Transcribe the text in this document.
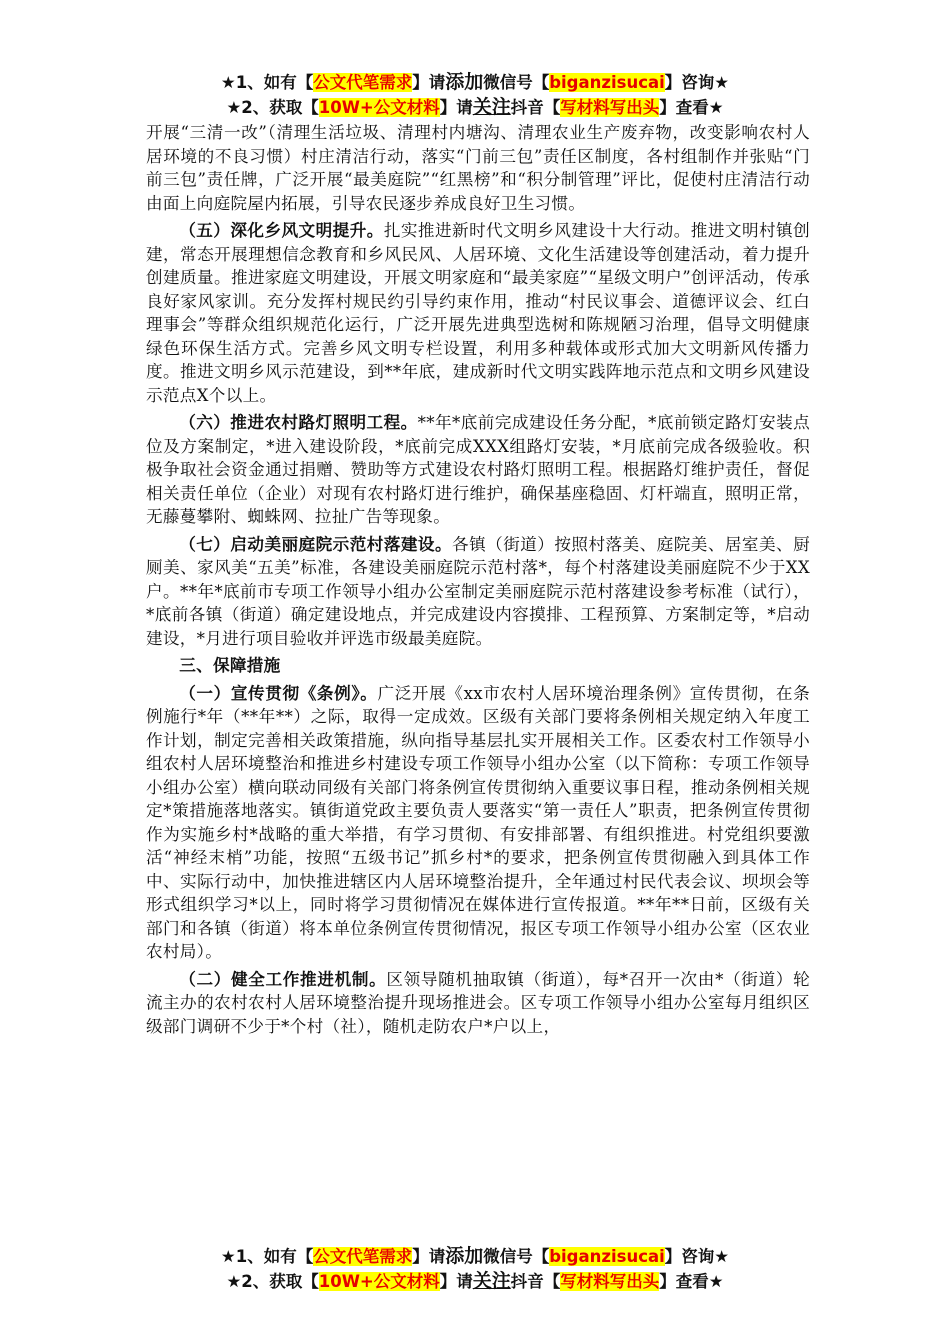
★1、如有【公文代笔需求】请添加微信号【biganzisucai】咨询★
★2、获取【10W+公文材料】请关注抖音【写材料写出头】查看★

开展“三清一改”（清理生活垃圾、清理村内塘沟、清理农业生产废弃物，改变影响农村人居环境的不良习惯）村庄清洁行动，落实“门前三包”责任区制度，各村组制作并张贴“门前三包”责任牌，广泛开展“最美庭院”“红黑榜”和“积分制管理”评比，促使村庄清洁行动由面上向庭院屋内拓展，引导农民逐步养成良好卫生习惯。

（五）深化乡风文明提升。扎实推进新时代文明乡风建设十大行动。推进文明村镇创建，常态开展理想信念教育和乡风民风、人居环境、文化生活建设等创建活动，着力提升创建质量。推进家庭文明建设，开展文明家庭和“最美家庭”“星级文明户”创评活动，传承良好家风家训。充分发挥村规民约引导约束作用，推动“村民议事会、道德评议会、红白理事会”等群众组织规范化运行，广泛开展先进典型选树和陈规陋习治理，倡导文明健康绿色环保生活方式。完善乡风文明专栏设置，利用多种载体或形式加大文明新风传播力度。推进文明乡风示范建设，到**年底，建成新时代文明实践阵地示范点和文明乡风建设示范点X个以上。

（六）推进农村路灯照明工程。**年*底前完成建设任务分配，*底前锁定路灯安装点位及方案制定，*进入建设阶段，*底前完成XXX组路灯安装，*月底前完成各级验收。积极争取社会资金通过捐赠、赞助等方式建设农村路灯照明工程。根据路灯维护责任，督促相关责任单位（企业）对现有农村路灯进行维护，确保基座稳固、灯杆端直，照明正常，无藤蔓攀附、蜘蛛网、拉扯广告等现象。

（七）启动美丽庭院示范村落建设。各镇（街道）按照村落美、庭院美、居室美、厨厕美、家风美“五美”标准，各建设美丽庭院示范村落*，每个村落建设美丽庭院不少于XX户。**年*底前市专项工作领导小组办公室制定美丽庭院示范村落建设参考标准（试行），*底前各镇（街道）确定建设地点，并完成建设内容摸排、工程预算、方案制定等，*启动建设，*月进行项目验收并评选市级最美庭院。

三、保障措施

（一）宣传贯彻《条例》。广泛开展《xx市农村人居环境治理条例》宣传贯彻，在条例施行*年（**年**）之际，取得一定成效。区级有关部门要将条例相关规定纳入年度工作计划，制定完善相关政策措施，纵向指导基层扎实开展相关工作。区委农村工作领导小组农村人居环境整治和推进乡村建设专项工作领导小组办公室（以下简称：专项工作领导小组办公室）横向联动同级有关部门将条例宣传贯彻纳入重要议事日程，推动条例相关规定*策措施落地落实。镇街道党政主要负责人要落实“第一责任人”职责，把条例宣传贯彻作为实施乡村*战略的重大举措，有学习贯彻、有安排部署、有组织推进。村党组织要激活“神经末梢”功能，按照“五级书记”抓乡村*的要求，把条例宣传贯彻融入到具体工作中、实际行动中，加快推进辖区内人居环境整治提升，全年通过村民代表会议、坝坝会等形式组织学习*以上，同时将学习贯彻情况在媒体进行宣传报道。**年**日前，区级有关部门和各镇（街道）将本单位条例宣传贯彻情况，报区专项工作领导小组办公室（区农业农村局）。

（二）健全工作推进机制。区领导随机抽取镇（街道），每*召开一次由*（街道）轮流主办的农村农村人居环境整治提升现场推进会。区专项工作领导小组办公室每月组织区级部门调研不少于*个村（社），随机走防农户*户以上，

★1、如有【公文代笔需求】请添加微信号【biganzisucai】咨询★
★2、获取【10W+公文材料】请关注抖音【写材料写出头】查看★
